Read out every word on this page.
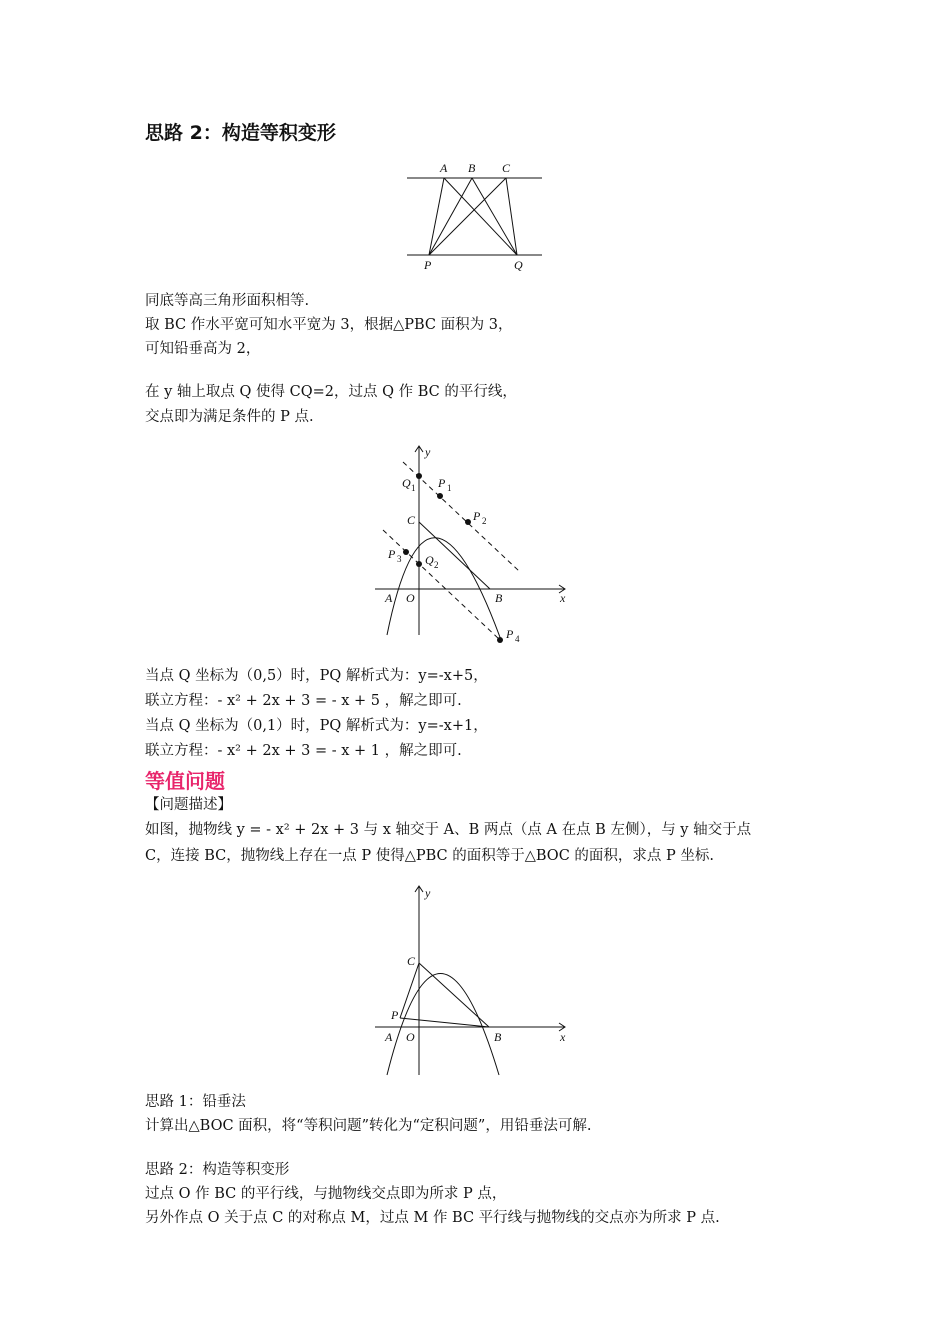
思路 2：构造等积变形
A B C
P	Q
同底等高三角形面积相等.
取 BC 作水平宽可知水平宽为 3，根据△PBC 面积为 3，
可知铅垂高为 2，
在 y 轴上取点 Q 使得 CQ=2，过点 Q 作 BC 的平行线，
交点即为满足条件的 P 点.
y
x
Q 1 P 1
C	P 2
P 3 Q 2
A O	B
P 4
当点 Q 坐标为（0,5）时，PQ 解析式为：y=-x+5，
联立方程：- x² + 2x + 3 = - x + 5 ，解之即可.
当点 Q 坐标为（0,1）时，PQ 解析式为：y=-x+1，
联立方程：- x² + 2x + 3 = - x + 1 ，解之即可.
等值问题
【问题描述】
如图，抛物线 y = - x² + 2x + 3 与 x 轴交于 A、B 两点（点 A 在点 B 左侧），与 y 轴交于点
C，连接 BC，抛物线上存在一点 P 使得△PBC 的面积等于△BOC 的面积，求点 P 坐标.
y
x
C
P
A O	B
思路 1：铅垂法
计算出△BOC 面积，将“等积问题”转化为“定积问题”，用铅垂法可解.
思路 2：构造等积变形
过点 O 作 BC 的平行线，与抛物线交点即为所求 P 点，
另外作点 O 关于点 C 的对称点 M，过点 M 作 BC 平行线与抛物线的交点亦为所求 P 点.
